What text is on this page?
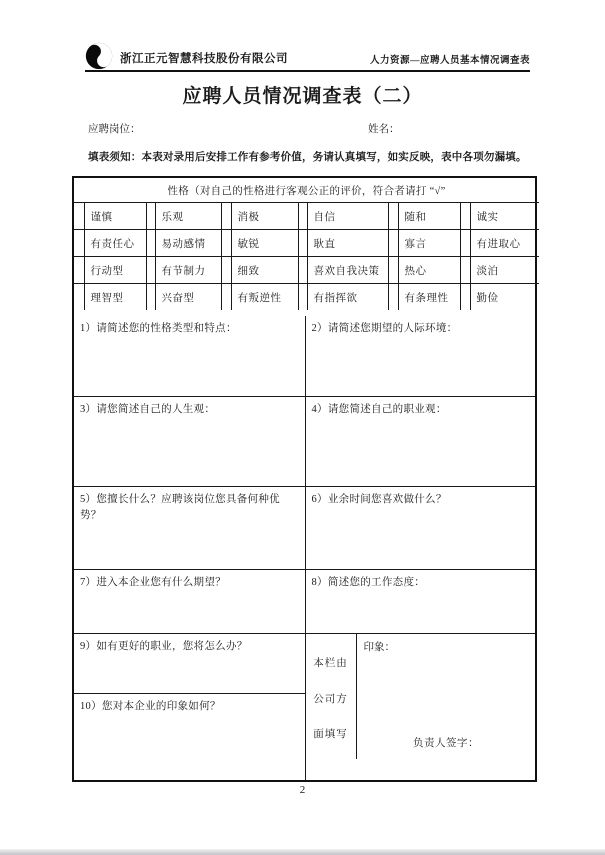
浙江正元智慧科技股份有限公司	人力资源—应聘人员基本情况调查表
应聘人员情况调查表（二）
应聘岗位：	姓名：
填表须知：本表对录用后安排工作有参考价值，务请认真填写，如实反映，表中各项勿漏填。
性格（对自己的性格进行客观公正的评价，符合者请打 “√”											
	谨慎		乐观		消极		自信		随和		诚实
	有责任心		易动感情		敏锐		耿直		寡言		有进取心
	行动型		有节制力		细致		喜欢自我决策		热心		淡泊
	理智型		兴奋型		有叛逆性		有指挥欲		有条理性		勤俭
1）请简述您的性格类型和特点：	2）请简述您期望的人际环境：
3）请您简述自己的人生观：	4）请您简述自己的职业观：
5）您擅长什么？应聘该岗位您具备何种优势？	6）业余时间您喜欢做什么？
7）进入本企业您有什么期望？	8）简述您的工作态度：
9）如有更好的职业，您将怎么办？	本栏由
公司方
面填写
印象：
负责人签字：

10）您对本企业的印象如何？	
2
